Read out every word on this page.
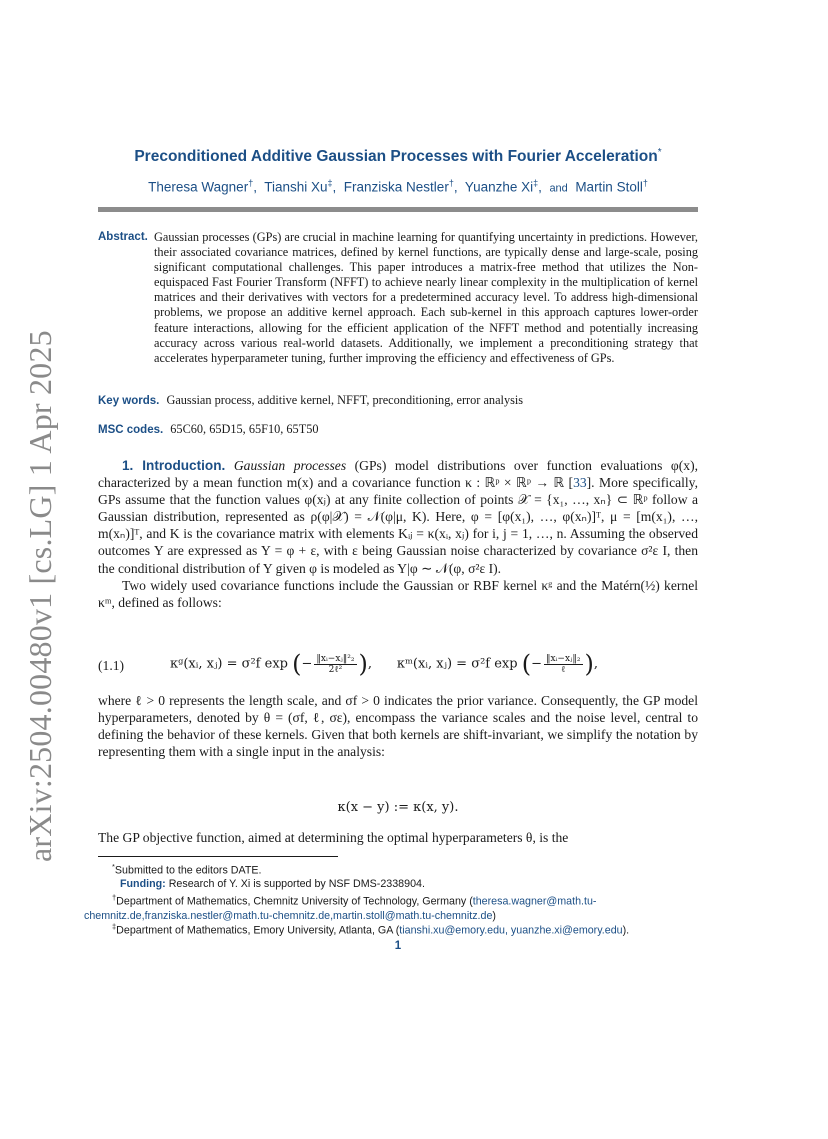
arXiv:2504.00480v1 [cs.LG] 1 Apr 2025
Preconditioned Additive Gaussian Processes with Fourier Acceleration*
Theresa Wagner†,  Tianshi Xu‡,  Franziska Nestler†,  Yuanzhe Xi‡,  and Martin Stoll†
Abstract. Gaussian processes (GPs) are crucial in machine learning for quantifying uncertainty in predictions. However, their associated covariance matrices, defined by kernel functions, are typically dense and large-scale, posing significant computational challenges. This paper introduces a matrix-free method that utilizes the Non-equispaced Fast Fourier Transform (NFFT) to achieve nearly linear complexity in the multiplication of kernel matrices and their derivatives with vectors for a predetermined accuracy level. To address high-dimensional problems, we propose an additive kernel approach. Each sub-kernel in this approach captures lower-order feature interactions, allowing for the efficient application of the NFFT method and potentially increasing accuracy across various real-world datasets. Additionally, we implement a preconditioning strategy that accelerates hyperparameter tuning, further improving the efficiency and effectiveness of GPs.
Key words. Gaussian process, additive kernel, NFFT, preconditioning, error analysis
MSC codes. 65C60, 65D15, 65F10, 65T50
1. Introduction. Gaussian processes (GPs) model distributions over function evaluations φ(x), characterized by a mean function m(x) and a covariance function κ : ℝᵖ × ℝᵖ → ℝ [33]. More specifically, GPs assume that the function values φ(xⱼ) at any finite collection of points 𝒳 = {x₁, …, xₙ} ⊂ ℝᵖ follow a Gaussian distribution, represented as ρ(φ|𝒳) = 𝒩(φ|μ, K). Here, φ = [φ(x₁), …, φ(xₙ)]ᵀ, μ = [m(x₁), …, m(xₙ)]ᵀ, and K is the covariance matrix with elements Kᵢⱼ = κ(xᵢ, xⱼ) for i, j = 1, …, n. Assuming the observed outcomes Y are expressed as Y = φ + ε, with ε being Gaussian noise characterized by covariance σ²ε I, then the conditional distribution of Y given φ is modeled as Y|φ ∼ 𝒩(φ, σ²ε I).
Two widely used covariance functions include the Gaussian or RBF kernel κᵍ and the Matérn(½) kernel κᵐ, defined as follows:
(1.1)	κᵍ(xᵢ, xⱼ) = σ²f exp (− $\frac{\text{‖xᵢ−xⱼ‖²₂}}{\text{2ℓ²}}$ ),      κᵐ(xᵢ, xⱼ) = σ²f exp (− $\frac{\text{‖xᵢ−xⱼ‖₂}}{\text{ℓ}}$ ),
where ℓ > 0 represents the length scale, and σf > 0 indicates the prior variance. Consequently, the GP model hyperparameters, denoted by θ = (σf, ℓ, σε), encompass the variance scales and the noise level, central to defining the behavior of these kernels. Given that both kernels are shift-invariant, we simplify the notation by representing them with a single input in the analysis:
κ(x − y) := κ(x, y).
The GP objective function, aimed at determining the optimal hyperparameters θ, is the
*Submitted to the editors DATE.
Funding: Research of Y. Xi is supported by NSF DMS-2338904.
†Department of Mathematics, Chemnitz University of Technology, Germany (theresa.wagner@math.tu-
chemnitz.de,franziska.nestler@math.tu-chemnitz.de,martin.stoll@math.tu-chemnitz.de)
‡Department of Mathematics, Emory University, Atlanta, GA (tianshi.xu@emory.edu, yuanzhe.xi@emory.edu).
1
